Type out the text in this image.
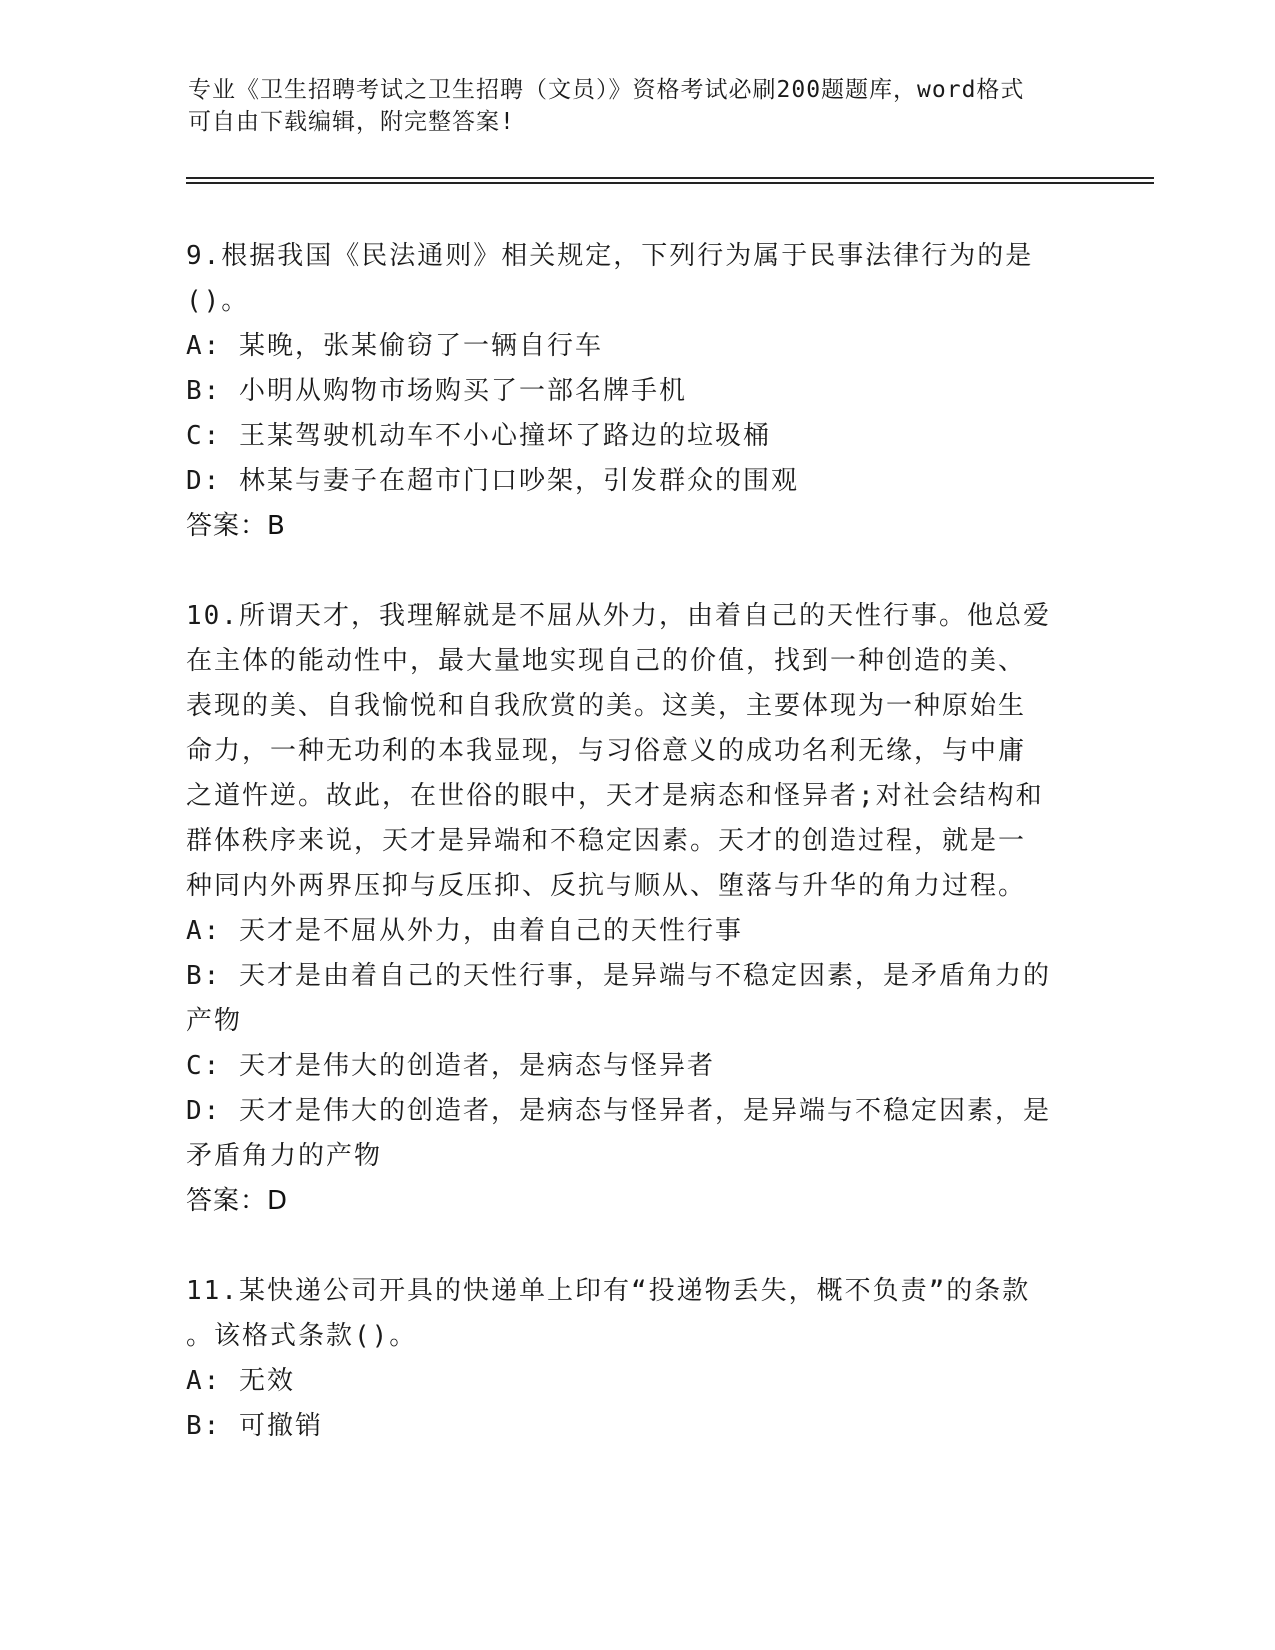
专业《卫生招聘考试之卫生招聘（文员）》资格考试必刷200题题库，word格式
可自由下载编辑，附完整答案!

9.根据我国《民法通则》相关规定，下列行为属于民事法律行为的是

()。

A: 某晚，张某偷窃了一辆自行车

B: 小明从购物市场购买了一部名牌手机

C: 王某驾驶机动车不小心撞坏了路边的垃圾桶

D: 林某与妻子在超市门口吵架，引发群众的围观

答案：B

10.所谓天才，我理解就是不屈从外力，由着自己的天性行事。他总爱

在主体的能动性中，最大量地实现自己的价值，找到一种创造的美、

表现的美、自我愉悦和自我欣赏的美。这美，主要体现为一种原始生

命力，一种无功利的本我显现，与习俗意义的成功名利无缘，与中庸

之道忤逆。故此，在世俗的眼中，天才是病态和怪异者;对社会结构和

群体秩序来说，天才是异端和不稳定因素。天才的创造过程，就是一

种同内外两界压抑与反压抑、反抗与顺从、堕落与升华的角力过程。

A: 天才是不屈从外力，由着自己的天性行事

B: 天才是由着自己的天性行事，是异端与不稳定因素，是矛盾角力的

产物

C: 天才是伟大的创造者，是病态与怪异者

D: 天才是伟大的创造者，是病态与怪异者，是异端与不稳定因素，是

矛盾角力的产物

答案：D

11.某快递公司开具的快递单上印有“投递物丢失，概不负责”的条款

。该格式条款()。

A: 无效

B: 可撤销
